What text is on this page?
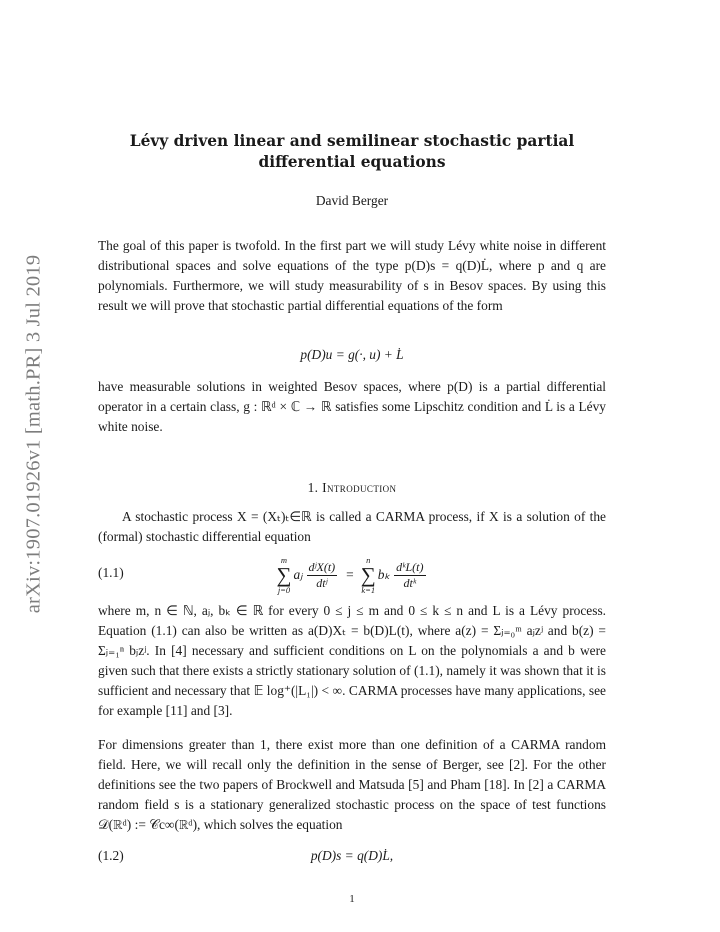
arXiv:1907.01926v1 [math.PR] 3 Jul 2019
Lévy driven linear and semilinear stochastic partial differential equations
David Berger

The goal of this paper is twofold. In the first part we will study Lévy white noise in different distributional spaces and solve equations of the type p(D)s = q(D)L̇, where p and q are polynomials. Furthermore, we will study measurability of s in Besov spaces. By using this result we will prove that stochastic partial differential equations of the form

p(D)u = g(·, u) + L̇

have measurable solutions in weighted Besov spaces, where p(D) is a partial differential operator in a certain class, g : ℝᵈ × ℂ → ℝ satisfies some Lipschitz condition and L̇ is a Lévy white noise.

1. Introduction

A stochastic process X = (Xₜ)ₜ∈ℝ is called a CARMA process, if X is a solution of the (formal) stochastic differential equation

(1.1)
m
∑
j=0
aⱼ $\frac{\text{dʲX(t)}}{\text{dtʲ}}$ =
n
∑
k=1
bₖ $\frac{\text{dᵏL(t)}}{\text{dtᵏ}}$

where m, n ∈ ℕ, aⱼ, bₖ ∈ ℝ for every 0 ≤ j ≤ m and 0 ≤ k ≤ n and L is a Lévy process. Equation (1.1) can also be written as a(D)Xₜ = b(D)L(t), where a(z) = Σⱼ₌₀ᵐ aⱼzʲ and b(z) = Σⱼ₌₁ⁿ bⱼzʲ. In [4] necessary and sufficient conditions on L on the polynomials a and b were given such that there exists a strictly stationary solution of (1.1), namely it was shown that it is sufficient and necessary that 𝔼 log⁺(|L₁|) < ∞. CARMA processes have many applications, see for example [11] and [3].

For dimensions greater than 1, there exist more than one definition of a CARMA random field. Here, we will recall only the definition in the sense of Berger, see [2]. For the other definitions see the two papers of Brockwell and Matsuda [5] and Pham [18]. In [2] a CARMA random field s is a stationary generalized stochastic process on the space of test functions 𝒟(ℝᵈ) := 𝒞c∞(ℝᵈ), which solves the equation

(1.2)	p(D)s = q(D)L̇,
1
